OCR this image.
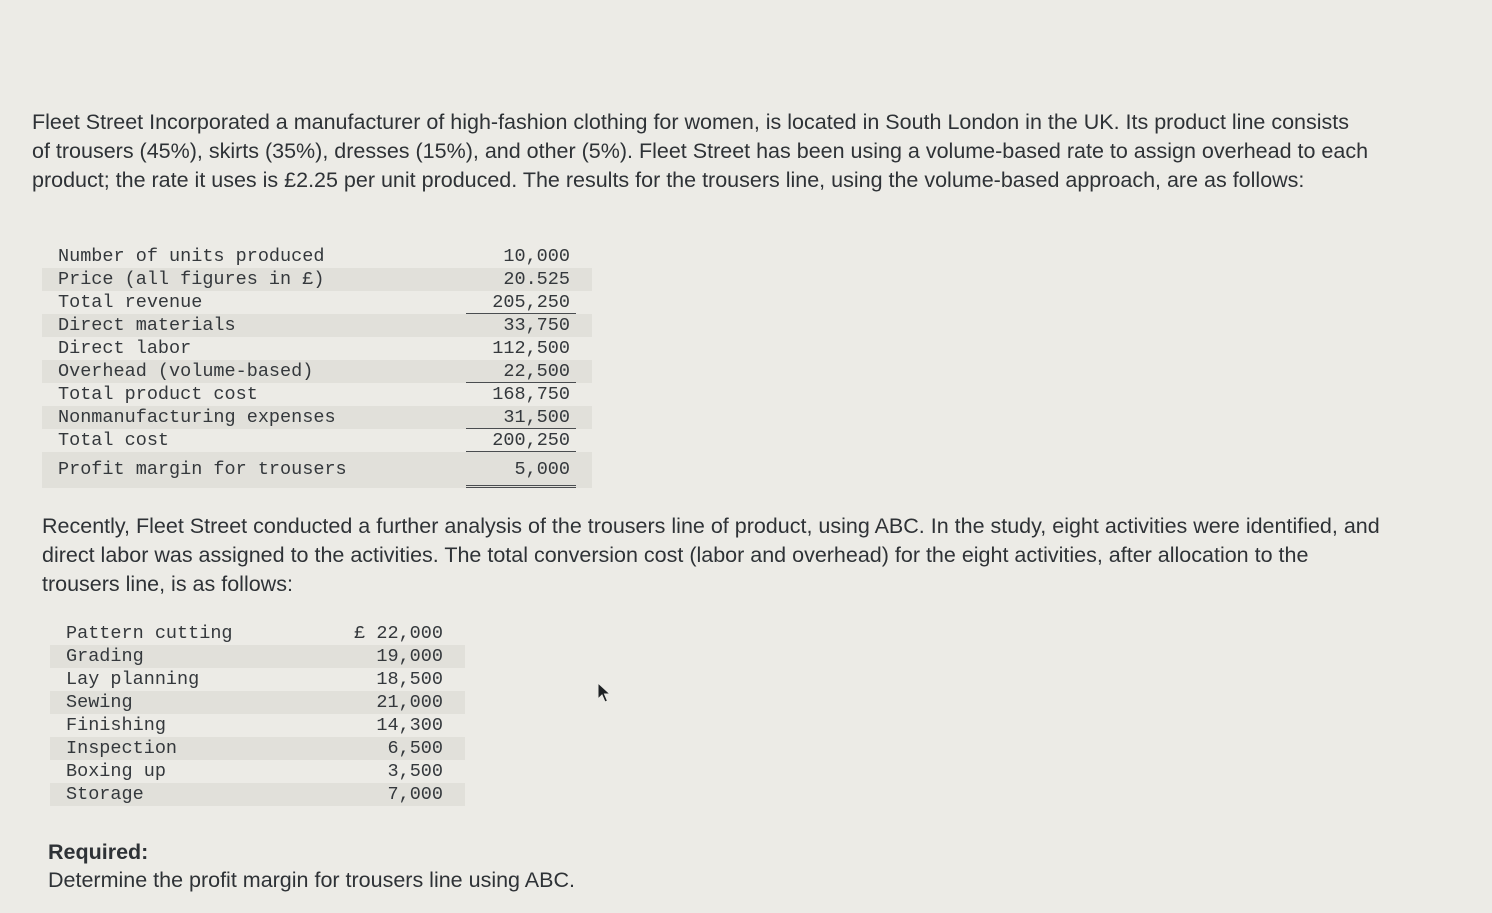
Fleet Street Incorporated a manufacturer of high-fashion clothing for women, is located in South London in the UK. Its product line consists of trousers (45%), skirts (35%), dresses (15%), and other (5%). Fleet Street has been using a volume-based rate to assign overhead to each product; the rate it uses is £2.25 per unit produced. The results for the trousers line, using the volume-based approach, are as follows:
Number of units produced	10,000
Price (all figures in £)	20.525
Total revenue	205,250
Direct materials	33,750
Direct labor	112,500
Overhead (volume-based)	22,500
Total product cost	168,750
Nonmanufacturing expenses	31,500
Total cost	200,250
Profit margin for trousers	5,000
Recently, Fleet Street conducted a further analysis of the trousers line of product, using ABC. In the study, eight activities were identified, and direct labor was assigned to the activities. The total conversion cost (labor and overhead) for the eight activities, after allocation to the trousers line, is as follows:
Pattern cutting	£ 22,000
Grading	19,000
Lay planning	18,500
Sewing	21,000
Finishing	14,300
Inspection	6,500
Boxing up	3,500
Storage	7,000
Required:
Determine the profit margin for trousers line using ABC.
